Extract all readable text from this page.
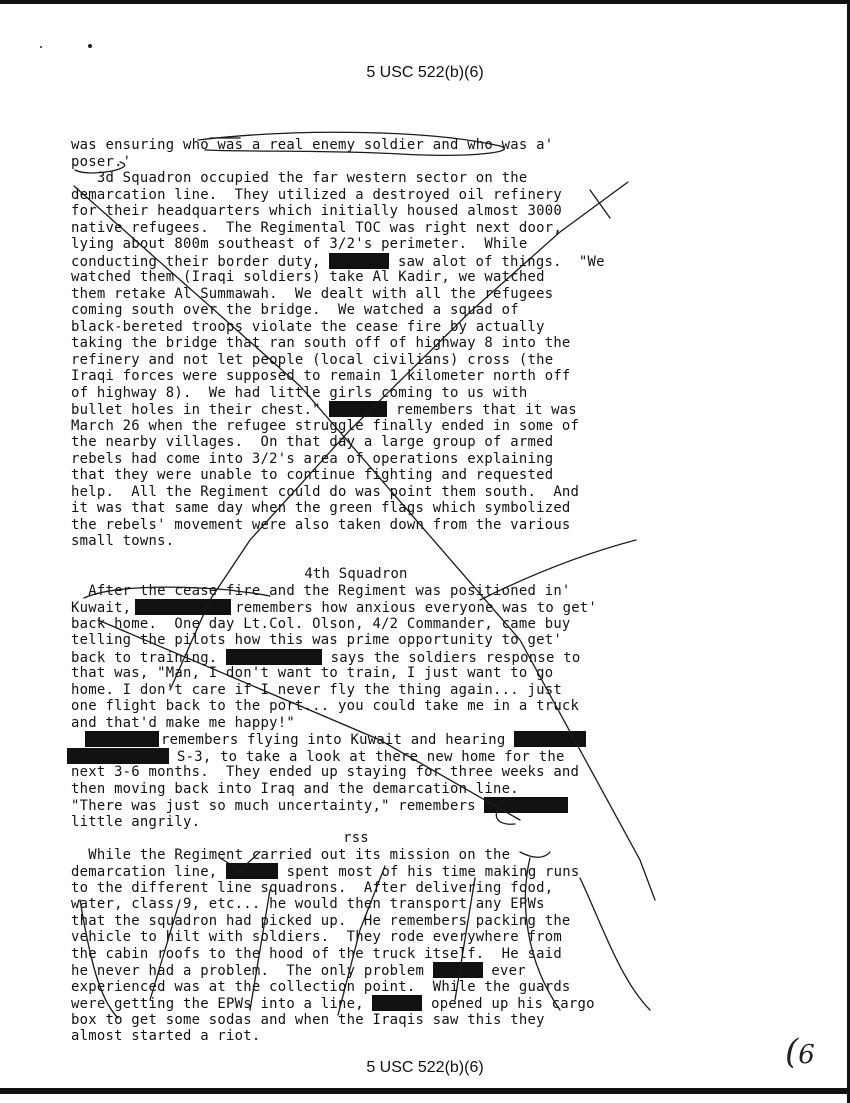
5 USC 522(b)(6)
was ensuring who was a real enemy soldier and who was a'
poser.'
3d Squadron occupied the far western sector on the
demarcation line.  They utilized a destroyed oil refinery
for their headquarters which initially housed almost 3000
native refugees.  The Regimental TOC was right next door,
lying about 800m southeast of 3/2's perimeter.  While
conducting their border duty,	saw alot of things.  "We
watched them (Iraqi soldiers) take Al Kadir, we watched
them retake Al Summawah.  We dealt with all the refugees
coming south over the bridge.  We watched a squad of
black-bereted troops violate the cease fire by actually
taking the bridge that ran south off of highway 8 into the
refinery and not let people (local civilians) cross (the
Iraqi forces were supposed to remain 1 kilometer north off
of highway 8).  We had little girls coming to us with
bullet holes in their chest."	remembers that it was
March 26 when the refugee struggle finally ended in some of
the nearby villages.  On that day a large group of armed
rebels had come into 3/2's area of operations explaining
that they were unable to continue fighting and requested
help.  All the Regiment could do was point them south.  And
it was that same day when the green flags which symbolized
the rebels' movement were also taken down from the various
small towns.
4th Squadron
After the cease fire and the Regiment was positioned in'
Kuwait,	remembers how anxious everyone was to get'
back home.  One day Lt.Col. Olson, 4/2 Commander, came buy
telling the pilots how this was prime opportunity to get'
back to training.	says the soldiers response to
that was, "Man, I don't want to train, I just want to go
home. I don't care if I never fly the thing again... just
one flight back to the port... you could take me in a truck
and that'd make me happy!"
remembers flying into Kuwait and hearing
S-3, to take a look at there new home for the
next 3-6 months.  They ended up staying for three weeks and
then moving back into Iraq and the demarcation line.
"There was just so much uncertainty," remembers
little angrily.
rss
While the Regiment carried out its mission on the
demarcation line,	spent most of his time making runs
to the different line squadrons.  After delivering food,
water, class 9, etc... he would then transport any EPWs
that the squadron had picked up.  He remembers packing the
vehicle to hilt with soldiers.  They rode everywhere from
the cabin roofs to the hood of the truck itself.  He said
he never had a problem.  The only problem	ever
experienced was at the collection point.  While the guards
were getting the EPWs into a line,	opened up his cargo
box to get some sodas and when the Iraqis saw this they
almost started a riot.	(6
5 USC 522(b)(6)
